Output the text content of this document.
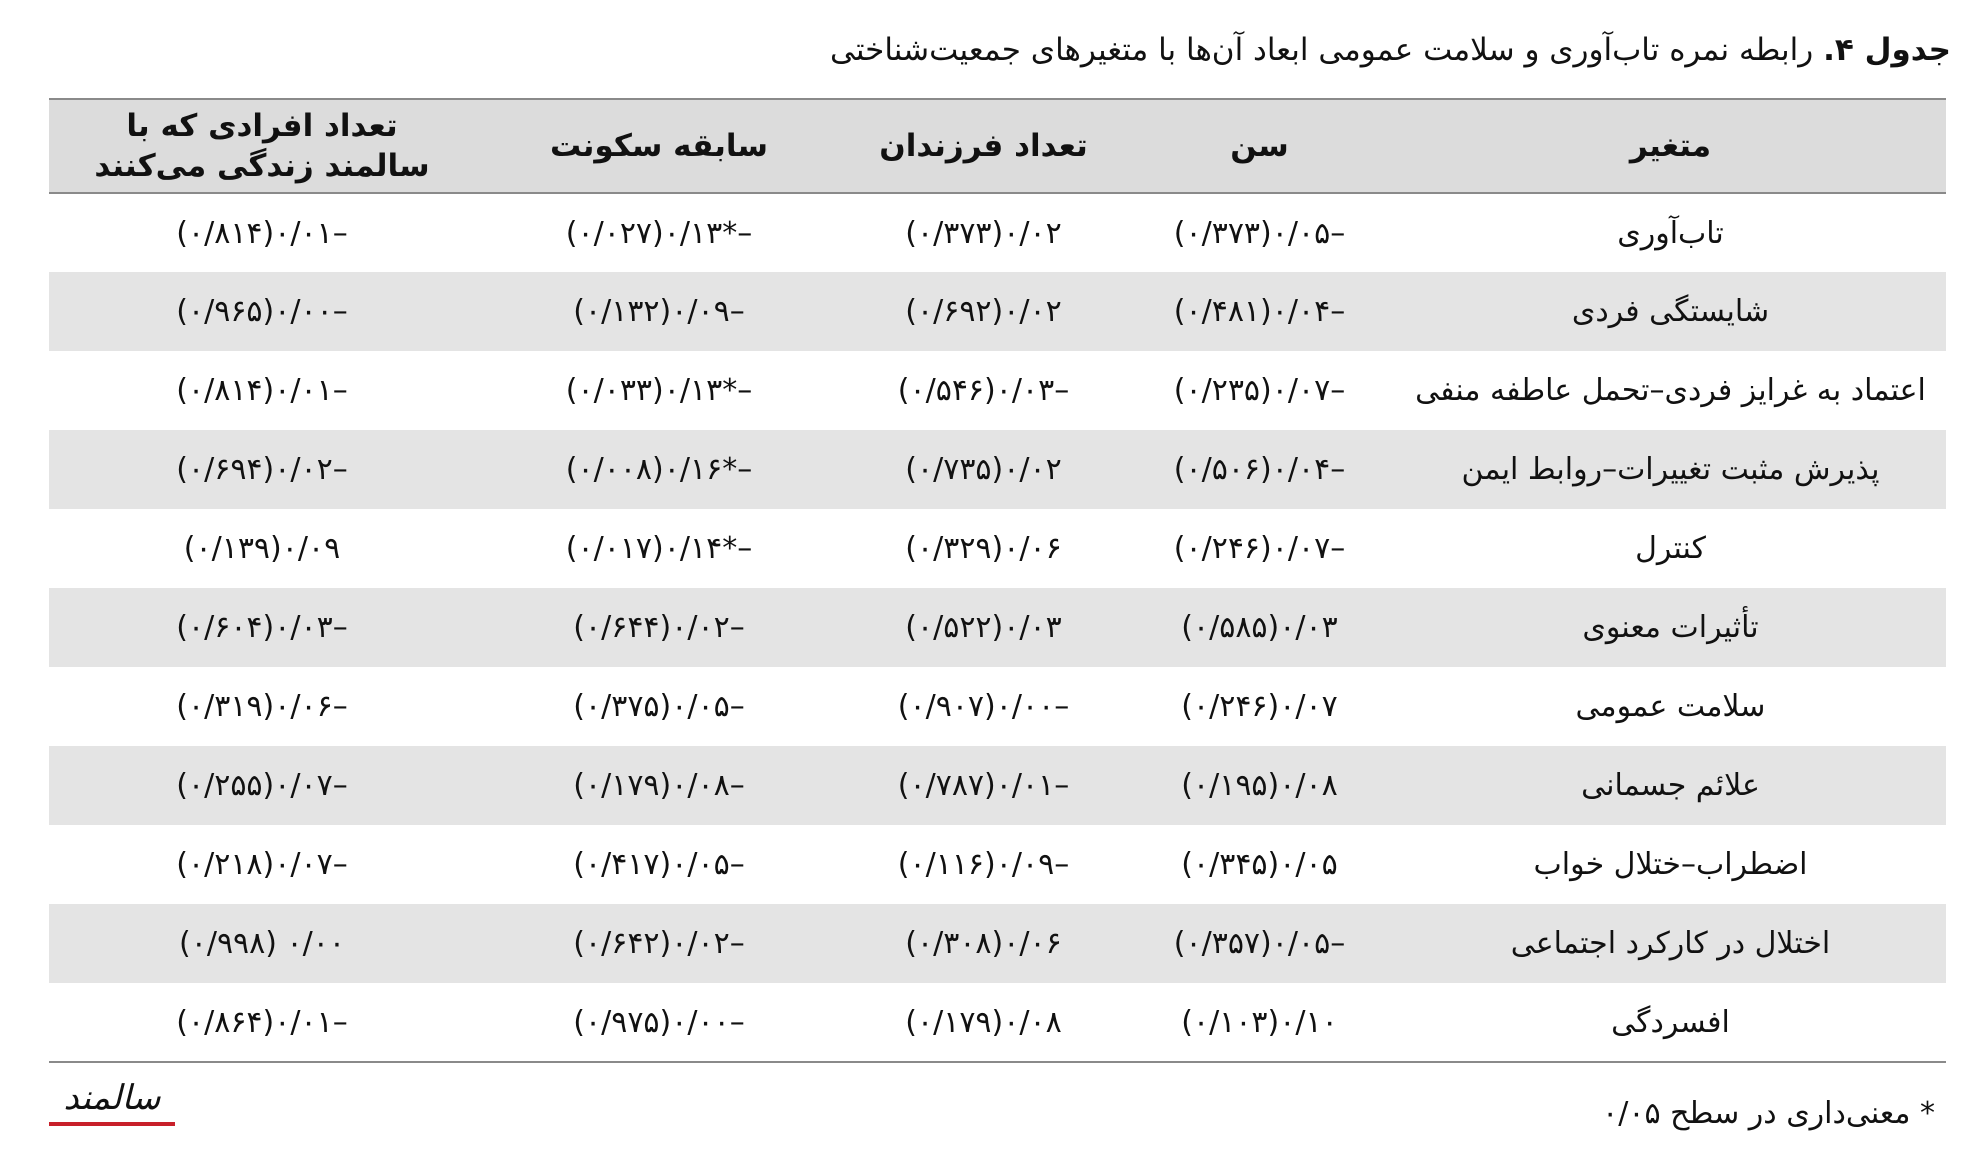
جدول ۴. رابطه نمره تاب‌آوری و سلامت عمومی ابعاد آن‌ها با متغیرهای جمعیت‌شناختی
متغیر	سن	تعداد فرزندان	سابقه سکونت	تعداد افرادی که با
سالمند زندگی می‌کنند

تاب‌آوری	(۰/۳۷۳)۰/۰۵–	(۰/۳۷۳)۰/۰۲	(۰/۰۲۷)۰/۱۳*–	(۰/۸۱۴)۰/۰۱–
شایستگی فردی	(۰/۴۸۱)۰/۰۴–	(۰/۶۹۲)۰/۰۲	(۰/۱۳۲)۰/۰۹–	(۰/۹۶۵)۰/۰۰–
اعتماد به غرایز فردی–تحمل عاطفه منفی	(۰/۲۳۵)۰/۰۷–	(۰/۵۴۶)۰/۰۳–	(۰/۰۳۳)۰/۱۳*–	(۰/۸۱۴)۰/۰۱–
پذیرش مثبت تغییرات–روابط ایمن	(۰/۵۰۶)۰/۰۴–	(۰/۷۳۵)۰/۰۲	(۰/۰۰۸)۰/۱۶*–	(۰/۶۹۴)۰/۰۲–
کنترل	(۰/۲۴۶)۰/۰۷–	(۰/۳۲۹)۰/۰۶	(۰/۰۱۷)۰/۱۴*–	(۰/۱۳۹)۰/۰۹
تأثیرات معنوی	(۰/۵۸۵)۰/۰۳	(۰/۵۲۲)۰/۰۳	(۰/۶۴۴)۰/۰۲–	(۰/۶۰۴)۰/۰۳–
سلامت عمومی	(۰/۲۴۶)۰/۰۷	(۰/۹۰۷)۰/۰۰–	(۰/۳۷۵)۰/۰۵–	(۰/۳۱۹)۰/۰۶–
علائم جسمانی	(۰/۱۹۵)۰/۰۸	(۰/۷۸۷)۰/۰۱–	(۰/۱۷۹)۰/۰۸–	(۰/۲۵۵)۰/۰۷–
اضطراب–ختلال خواب	(۰/۳۴۵)۰/۰۵	(۰/۱۱۶)۰/۰۹–	(۰/۴۱۷)۰/۰۵–	(۰/۲۱۸)۰/۰۷–
اختلال در کارکرد اجتماعی	(۰/۳۵۷)۰/۰۵–	(۰/۳۰۸)۰/۰۶	(۰/۶۴۲)۰/۰۲–	(۰/۹۹۸) ۰/۰۰
افسردگی	(۰/۱۰۳)۰/۱۰	(۰/۱۷۹)۰/۰۸	(۰/۹۷۵)۰/۰۰–	(۰/۸۶۴)۰/۰۱–
* معنی‌داری در سطح ۰/۰۵
سالمند
